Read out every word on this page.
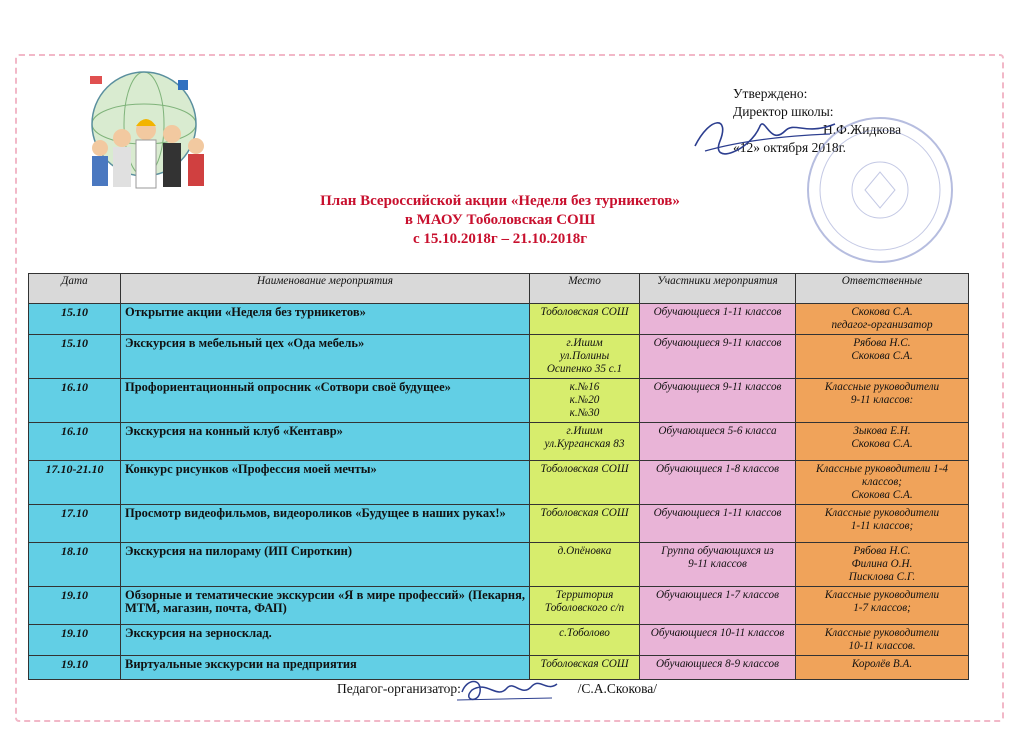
Утверждено:
Директор школы:
Н.Ф.Жидкова
«12» октября 2018г.
План Всероссийской акции «Неделя без турникетов»
в МАОУ Тоболовская СОШ
с 15.10.2018г – 21.10.2018г
Дата	Наименование мероприятия	Место	Участники мероприятия	Ответственные
15.10	Открытие акции «Неделя без турникетов»	Тоболовская СОШ	Обучающиеся 1-11 классов	Скокова С.А.
педагог-организатор
15.10	Экскурсия в мебельный цех «Ода мебель»	г.Ишим
ул.Полины
Осипенко 35 с.1	Обучающиеся 9-11 классов	Рябова Н.С.
Скокова С.А.
16.10	Профориентационный опросник «Сотвори своё будущее»	к.№16
к.№20
к.№30	Обучающиеся 9-11 классов	Классные руководители
9-11 классов:
16.10	Экскурсия на конный клуб «Кентавр»	г.Ишим
ул.Курганская 83	Обучающиеся 5-6 класса	Зыкова Е.Н.
Скокова С.А.
17.10-21.10	Конкурс рисунков «Профессия моей мечты»	Тоболовская СОШ	Обучающиеся 1-8 классов	Классные руководители 1-4 классов;
Скокова С.А.
17.10	Просмотр видеофильмов, видеороликов «Будущее в наших руках!»	Тоболовская СОШ	Обучающиеся 1-11 классов	Классные руководители
1-11 классов;
18.10	Экскурсия на пилораму (ИП Сироткин)	д.Опёновка	Группа обучающихся из
9-11 классов	Рябова Н.С.
Филина О.Н.
Писклова С.Г.
19.10	Обзорные и тематические экскурсии «Я в мире профессий» (Пекарня, МТМ, магазин, почта, ФАП)	Территория
Тоболовского с/п	Обучающиеся 1-7 классов	Классные руководители
1-7 классов;
19.10	Экскурсия на зерносклад.	с.Тоболово	Обучающиеся 10-11 классов	Классные руководители
10-11 классов.
19.10	Виртуальные экскурсии на предприятия	Тоболовская СОШ	Обучающиеся 8-9 классов	Королёв В.А.
Педагог-организатор:	/С.А.Скокова/
